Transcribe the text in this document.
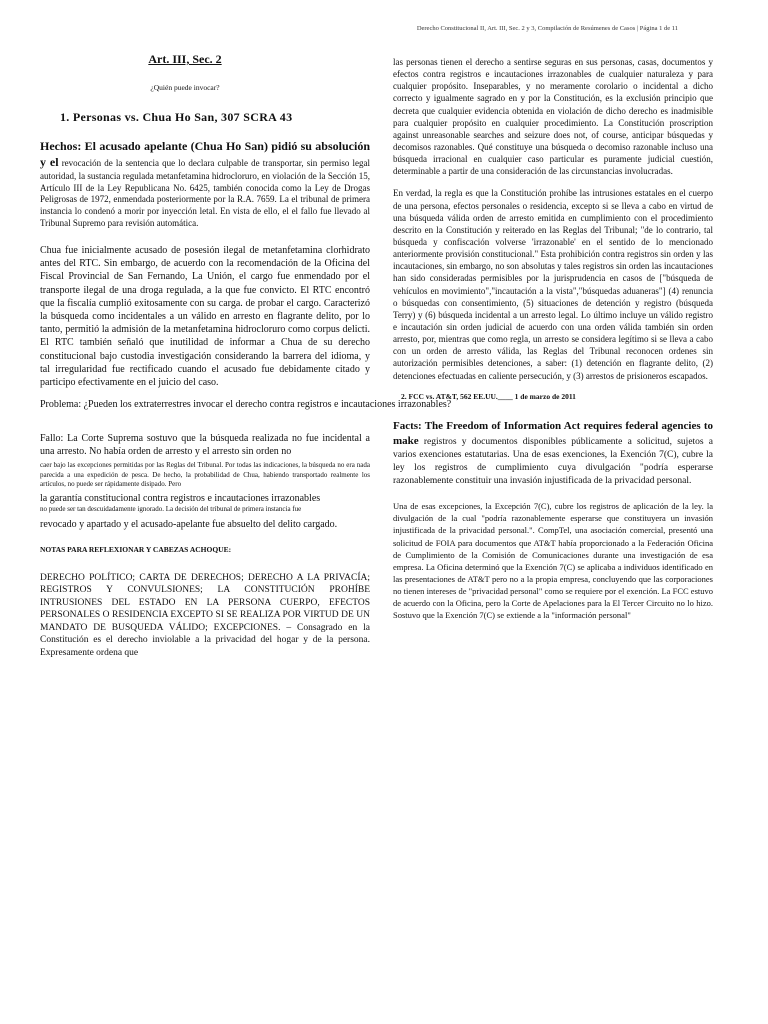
Derecho Constitucional II, Art. III, Sec. 2 y 3, Compilación de Resúmenes de Casos | Página 1 de 11
Art. III, Sec. 2
¿Quién puede invocar?
1. Personas vs. Chua Ho San, 307 SCRA 43
Hechos: El acusado apelante (Chua Ho San) pidió su absolución y el revocación de la sentencia que lo declara culpable de transportar, sin permiso legal autoridad, la sustancia regulada metanfetamina hidrocloruro, en violación de la Sección 15, Artículo III de la Ley Republicana No. 6425, también conocida como la Ley de Drogas Peligrosas de 1972, enmendada posteriormente por la R.A. 7659. La el tribunal de primera instancia lo condenó a morir por inyección letal. En vista de ello, el el fallo fue llevado al Tribunal Supremo para revisión automática.
Chua fue inicialmente acusado de posesión ilegal de metanfetamina clorhidrato antes del RTC. Sin embargo, de acuerdo con la recomendación de la Oficina del Fiscal Provincial de San Fernando, La Unión, el cargo fue enmendado por el transporte ilegal de una droga regulada, a la que fue convicto. El RTC encontró que la fiscalía cumplió exitosamente con su carga. de probar el cargo. Caracterizó la búsqueda como incidentales a un válido en arresto en flagrante delito, por lo tanto, permitió la admisión de la metanfetamina hidrocloruro como corpus delicti. El RTC también señaló que inutilidad de informar a Chua de su derecho constitucional bajo custodia investigación considerando la barrera del idioma, y tal irregularidad fue rectificado cuando el acusado fue debidamente citado y participo efectivamente en el juicio del caso.
Problema: ¿Pueden los extraterrestres invocar el derecho contra registros e incautaciones irrazonables?
Fallo: La Corte Suprema sostuvo que la búsqueda realizada no fue incidental a una arresto. No había orden de arresto y el arresto sin orden no
caer bajo las excepciones permitidas por las Reglas del Tribunal. Por todas las indicaciones, la búsqueda no era nada parecida a una expedición de pesca. De hecho, la probabilidad de Chua, habiendo transportado realmente los artículos, no puede ser rápidamente disipado. Pero
la garantía constitucional contra registros e incautaciones irrazonables
no puede ser tan descuidadamente ignorado. La decisión del tribunal de primera instancia fue
revocado y apartado y el acusado-apelante fue absuelto del delito cargado.
NOTAS PARA REFLEXIONAR Y CABEZAS ACHOQUE:
DERECHO POLÍTICO; CARTA DE DERECHOS; DERECHO A LA PRIVACÍA; REGISTROS Y CONVULSIONES; LA CONSTITUCIÓN PROHÍBE INTRUSIONES DEL ESTADO EN LA PERSONA CUERPO, EFECTOS PERSONALES O RESIDENCIA EXCEPTO SI SE REALIZA POR VIRTUD DE UN MANDATO DE BUSQUEDA VÁLIDO; EXCEPCIONES. – Consagrado en la Constitución es el derecho inviolable a la privacidad del hogar y de la persona. Expresamente ordena que
las personas tienen el derecho a sentirse seguras en sus personas, casas, documentos y efectos contra registros e incautaciones irrazonables de cualquier naturaleza y para cualquier propósito. Inseparables, y no meramente corolario o incidental a dicho correcto y igualmente sagrado en y por la Constitución, es la exclusión principio que decreta que cualquier evidencia obtenida en violación de dicho derecho es inadmisible para cualquier propósito en cualquier procedimiento. La Constitución proscription against unreasonable searches and seizure does not, of course, anticipar búsquedas y decomisos razonables. Qué constituye una búsqueda o decomiso razonable incluso una búsqueda irracional en cualquier caso particular es puramente judicial cuestión, determinable a partir de una consideración de las circunstancias involucradas.
En verdad, la regla es que la Constitución prohíbe las intrusiones estatales en el cuerpo de una persona, efectos personales o residencia, excepto si se lleva a cabo en virtud de una búsqueda válida orden de arresto emitida en cumplimiento con el procedimiento descrito en la Constitución y reiterado en las Reglas del Tribunal; "de lo contrario, tal búsqueda y confiscación volverse 'irrazonable' en el sentido de lo mencionado anteriormente provisión constitucional." Esta prohibición contra registros sin orden y las incautaciones, sin embargo, no son absolutas y tales registros sin orden las incautaciones han sido consideradas permisibles por la jurisprudencia en casos de ["búsqueda de vehículos en movimiento","incautación a la vista","búsquedas aduaneras"] (4) renuncia o búsquedas con consentimiento, (5) situaciones de detención y registro (búsqueda Terry) y (6) búsqueda incidental a un arresto legal. Lo último incluye un válido registro e incautación sin orden judicial de acuerdo con una orden válida también sin orden arresto, por, mientras que como regla, un arresto se considera legítimo si se lleva a cabo con un orden de arresto válida, las Reglas del Tribunal reconocen ordenes sin autorización permisibles detenciones, a saber: (1) detención en flagrante delito, (2) detenciones efectuadas en caliente persecución, y (3) arrestos de prisioneros escapados.
2. FCC vs. AT&T, 562 EE.UU.____ 1 de marzo de 2011
Facts: The Freedom of Information Act requires federal agencies to make registros y documentos disponibles públicamente a solicitud, sujetos a varios exenciones estatutarias. Una de esas exenciones, la Exención 7(C), cubre la ley los registros de cumplimiento cuya divulgación "podría esperarse razonablemente constituir una invasión injustificada de la privacidad personal.
Una de esas excepciones, la Excepción 7(C), cubre los registros de aplicación de la ley. la divulgación de la cual "podría razonablemente esperarse que constituyera un invasión injustificada de la privacidad personal.". CompTel, una asociación comercial, presentó una solicitud de FOIA para documentos que AT&T había proporcionado a la Federación Oficina de Cumplimiento de la Comisión de Comunicaciones durante una investigación de esa empresa. La Oficina determinó que la Exención 7(C) se aplicaba a individuos identificado en las presentaciones de AT&T pero no a la propia empresa, concluyendo que las corporaciones no tienen intereses de "privacidad personal" como se requiere por el exención. La FCC estuvo de acuerdo con la Oficina, pero la Corte de Apelaciones para la El Tercer Circuito no lo hizo. Sostuvo que la Exención 7(C) se extiende a la "información personal"
